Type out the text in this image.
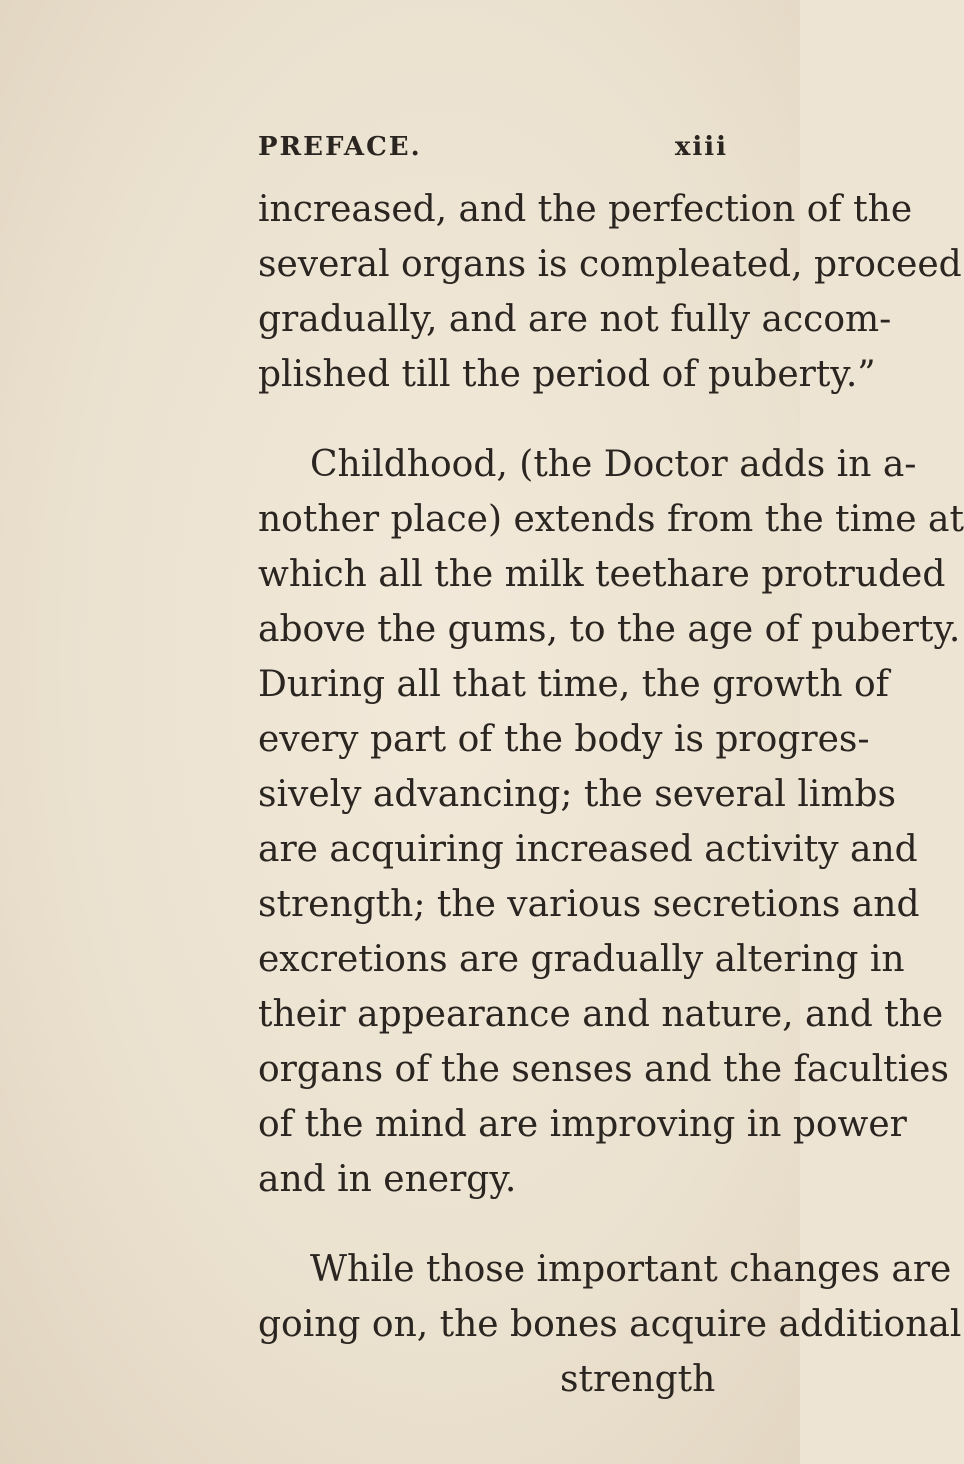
PREFACE.	xiii
increased, and the perfection of the
several organs is compleated, proceed
gradually, and are not fully accom-
plished till the period of puberty.”
Childhood, (the Doctor adds in a-
nother place) extends from the time at
which all the milk teethare protruded
above the gums, to the age of puberty.
During all that time, the growth of
every part of the body is progres-
sively advancing; the several limbs
are acquiring increased activity and
strength; the various secretions and
excretions are gradually altering in
their appearance and nature, and the
organs of the senses and the faculties
of the mind are improving in power
and in energy.
While those important changes are
going on, the bones acquire additional
strength
